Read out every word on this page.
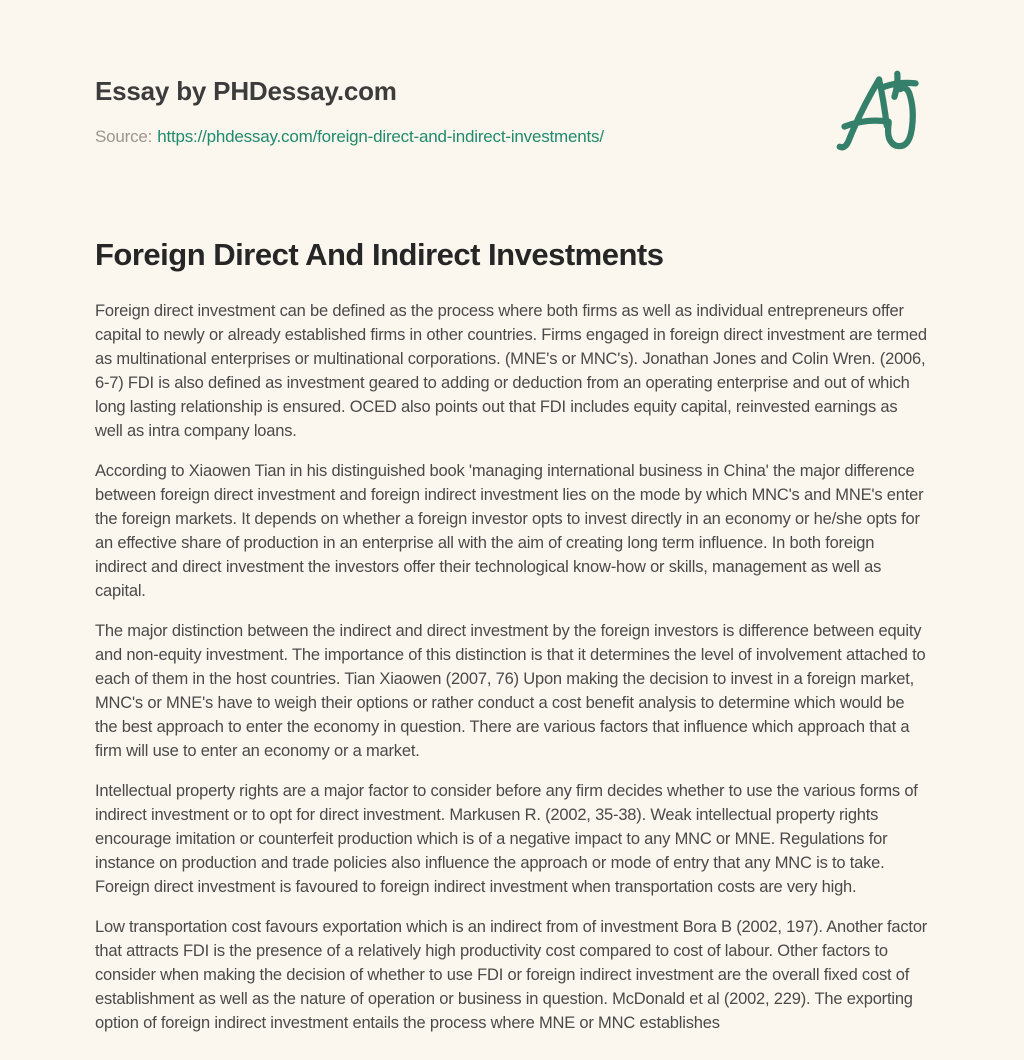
Essay by PHDessay.com
Source: https://phdessay.com/foreign-direct-and-indirect-investments/
Foreign Direct And Indirect Investments

Foreign direct investment can be defined as the process where both firms as well as individual entrepreneurs offer capital to newly or already established firms in other countries. Firms engaged in foreign direct investment are termed as multinational enterprises or multinational corporations. (MNE's or MNC's). Jonathan Jones and Colin Wren. (2006, 6-7) FDI is also defined as investment geared to adding or deduction from an operating enterprise and out of which long lasting relationship is ensured. OCED also points out that FDI includes equity capital, reinvested earnings as well as intra company loans.

According to Xiaowen Tian in his distinguished book 'managing international business in China' the major difference between foreign direct investment and foreign indirect investment lies on the mode by which MNC's and MNE's enter the foreign markets. It depends on whether a foreign investor opts to invest directly in an economy or he/she opts for an effective share of production in an enterprise all with the aim of creating long term influence. In both foreign indirect and direct investment the investors offer their technological know-how or skills, management as well as capital.

The major distinction between the indirect and direct investment by the foreign investors is difference between equity and non-equity investment. The importance of this distinction is that it determines the level of involvement attached to each of them in the host countries. Tian Xiaowen (2007, 76) Upon making the decision to invest in a foreign market, MNC's or MNE's have to weigh their options or rather conduct a cost benefit analysis to determine which would be the best approach to enter the economy in question. There are various factors that influence which approach that a firm will use to enter an economy or a market.

Intellectual property rights are a major factor to consider before any firm decides whether to use the various forms of indirect investment or to opt for direct investment. Markusen R. (2002, 35-38). Weak intellectual property rights encourage imitation or counterfeit production which is of a negative impact to any MNC or MNE. Regulations for instance on production and trade policies also influence the approach or mode of entry that any MNC is to take. Foreign direct investment is favoured to foreign indirect investment when transportation costs are very high.

Low transportation cost favours exportation which is an indirect from of investment Bora B (2002, 197). Another factor that attracts FDI is the presence of a relatively high productivity cost compared to cost of labour. Other factors to consider when making the decision of whether to use FDI or foreign indirect investment are the overall fixed cost of establishment as well as the nature of operation or business in question. McDonald et al (2002, 229). The exporting option of foreign indirect investment entails the process where MNE or MNC establishes
